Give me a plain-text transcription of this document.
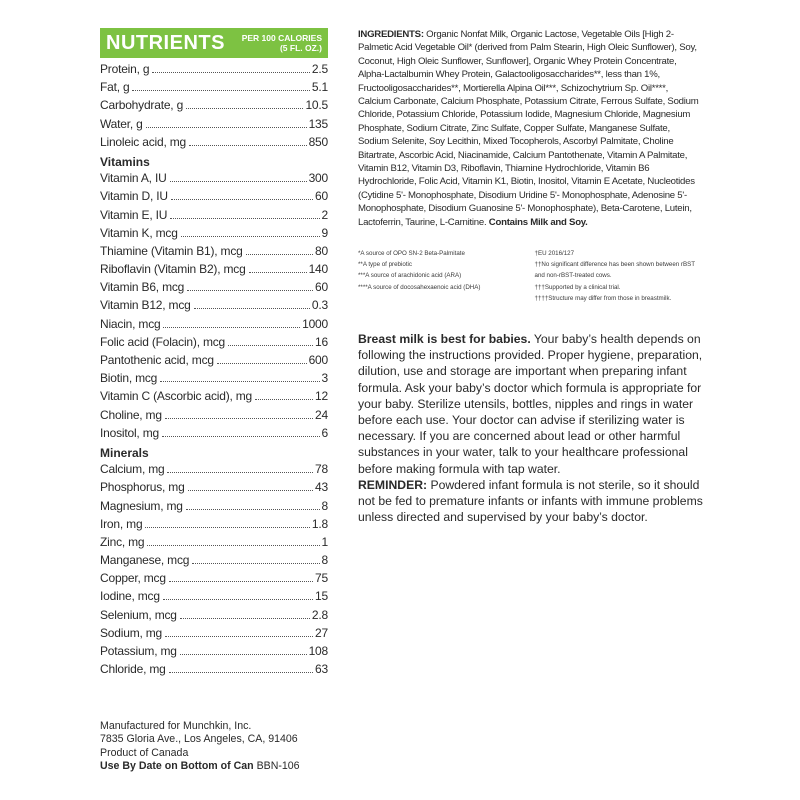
NUTRIENTS PER 100 CALORIES
(5 FL. OZ.)
Protein, g	2.5
Fat, g	5.1
Carbohydrate, g	10.5
Water, g	135
Linoleic acid, mg	850
Vitamins
Vitamin A, IU	300
Vitamin D, IU	60
Vitamin E, IU	2
Vitamin K, mcg	9
Thiamine (Vitamin B1), mcg	80
Riboflavin (Vitamin B2), mcg	140
Vitamin B6, mcg	60
Vitamin B12, mcg	0.3
Niacin, mcg	1000
Folic acid (Folacin), mcg	16
Pantothenic acid, mcg	600
Biotin, mcg	3
Vitamin C (Ascorbic acid), mg	12
Choline, mg	24
Inositol, mg	6
Minerals
Calcium, mg	78
Phosphorus, mg	43
Magnesium, mg	8
Iron, mg	1.8
Zinc, mg	1
Manganese, mcg	8
Copper, mcg	75
Iodine, mcg	15
Selenium, mcg	2.8
Sodium, mg	27
Potassium, mg	108
Chloride, mg	63
INGREDIENTS: Organic Nonfat Milk, Organic Lactose, Vegetable Oils [High 2-Palmetic Acid Vegetable Oil* (derived from Palm Stearin, High Oleic Sunflower), Soy, Coconut, High Oleic Sunflower, Sunflower], Organic Whey Protein Concentrate, Alpha-Lactalbumin Whey Protein, Galactooligosaccharides**, less than 1%, Fructooligosaccharides**, Mortierella Alpina Oil***, Schizochytrium Sp. Oil****, Calcium Carbonate, Calcium Phosphate, Potassium Citrate, Ferrous Sulfate, Sodium Chloride, Potassium Chloride, Potassium Iodide, Magnesium Chloride, Magnesium Phosphate, Sodium Citrate, Zinc Sulfate, Copper Sulfate, Manganese Sulfate, Sodium Selenite, Soy Lecithin, Mixed Tocopherols, Ascorbyl Palmitate, Choline Bitartrate, Ascorbic Acid, Niacinamide, Calcium Pantothenate, Vitamin A Palmitate, Vitamin B12, Vitamin D3, Riboflavin, Thiamine Hydrochloride, Vitamin B6 Hydrochloride, Folic Acid, Vitamin K1, Biotin, Inositol, Vitamin E Acetate, Nucleotides (Cytidine 5'- Monophosphate, Disodium Uridine 5'- Monophosphate, Adenosine 5'- Monophosphate, Disodium Guanosine 5'- Monophosphate), Beta-Carotene, Lutein, Lactoferrin, Taurine, L-Carnitine. Contains Milk and Soy.
*A source of OPO SN-2 Beta-Palmitate
**A type of prebiotic
***A source of arachidonic acid (ARA)
****A source of docosahexaenoic acid (DHA)
†EU 2016/127
††No significant difference has been shown between rBST and non-rBST-treated cows.
†††Supported by a clinical trial.
††††Structure may differ from those in breastmilk.
Breast milk is best for babies. Your baby’s health depends on following the instructions provided. Proper hygiene, preparation, dilution, use and storage are important when preparing infant formula. Ask your baby’s doctor which formula is appropriate for your baby. Sterilize utensils, bottles, nipples and rings in water before each use. Your doctor can advise if sterilizing water is necessary. If you are concerned about lead or other harmful substances in your water, talk to your healthcare professional before making formula with tap water.
REMINDER: Powdered infant formula is not sterile, so it should not be fed to premature infants or infants with immune problems unless directed and supervised by your baby’s doctor.
Manufactured for Munchkin, Inc.
7835 Gloria Ave., Los Angeles, CA, 91406
Product of Canada
Use By Date on Bottom of Can BBN-106
